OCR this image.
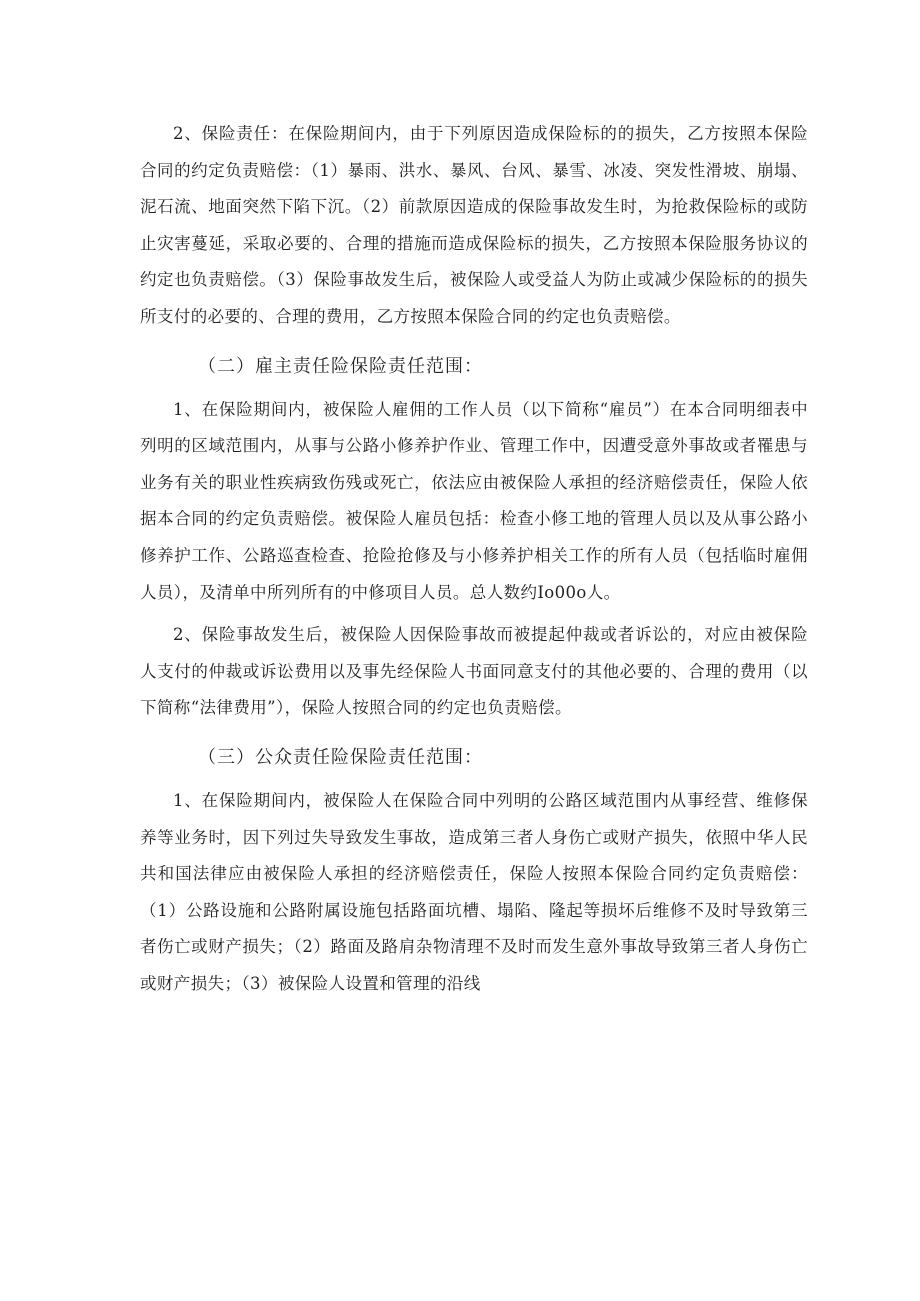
2、保险责任：在保险期间内，由于下列原因造成保险标的的损失，乙方按照本保险合同的约定负责赔偿：（1）暴雨、洪水、暴风、台风、暴雪、冰凌、突发性滑坡、崩塌、泥石流、地面突然下陷下沉。（2）前款原因造成的保险事故发生时，为抢救保险标的或防止灾害蔓延，采取必要的、合理的措施而造成保险标的损失，乙方按照本保险服务协议的约定也负责赔偿。（3）保险事故发生后，被保险人或受益人为防止或减少保险标的的损失所支付的必要的、合理的费用，乙方按照本保险合同的约定也负责赔偿。

（二）雇主责任险保险责任范围：

1、在保险期间内，被保险人雇佣的工作人员（以下简称“雇员”）在本合同明细表中列明的区域范围内，从事与公路小修养护作业、管理工作中，因遭受意外事故或者罹患与业务有关的职业性疾病致伤残或死亡，依法应由被保险人承担的经济赔偿责任，保险人依据本合同的约定负责赔偿。被保险人雇员包括：检查小修工地的管理人员以及从事公路小修养护工作、公路巡查检查、抢险抢修及与小修养护相关工作的所有人员（包括临时雇佣人员），及清单中所列所有的中修项目人员。总人数约Io00o人。

2、保险事故发生后，被保险人因保险事故而被提起仲裁或者诉讼的，对应由被保险人支付的仲裁或诉讼费用以及事先经保险人书面同意支付的其他必要的、合理的费用（以下简称“法律费用”），保险人按照合同的约定也负责赔偿。

（三）公众责任险保险责任范围：

1、在保险期间内，被保险人在保险合同中列明的公路区域范围内从事经营、维修保养等业务时，因下列过失导致发生事故，造成第三者人身伤亡或财产损失，依照中华人民共和国法律应由被保险人承担的经济赔偿责任，保险人按照本保险合同约定负责赔偿：（1）公路设施和公路附属设施包括路面坑槽、塌陷、隆起等损坏后维修不及时导致第三者伤亡或财产损失；（2）路面及路肩杂物清理不及时而发生意外事故导致第三者人身伤亡或财产损失；（3）被保险人设置和管理的沿线
